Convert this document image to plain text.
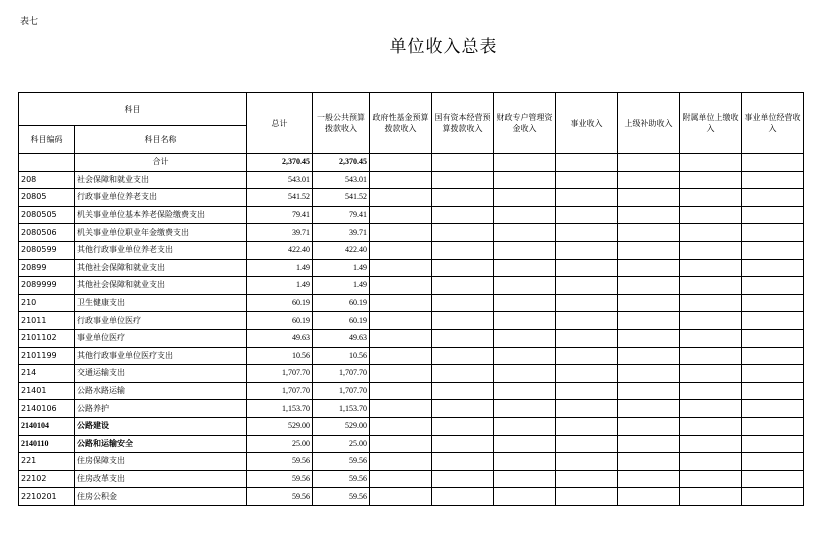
表七
单位收入总表
科目		总计	一般公共预算拨款收入	政府性基金预算拨款收入	国有资本经营预算拨款收入	财政专户管理资金收入	事业收入	上级补助收入	附属单位上缴收入	事业单位经营收入
科目编码	科目名称									
	合计	2,370.45	2,370.45							
208	社会保障和就业支出	543.01	543.01							
20805	行政事业单位养老支出	541.52	541.52							
2080505	机关事业单位基本养老保险缴费支出	79.41	79.41							
2080506	机关事业单位职业年金缴费支出	39.71	39.71							
2080599	其他行政事业单位养老支出	422.40	422.40							
20899	其他社会保障和就业支出	1.49	1.49							
2089999	其他社会保障和就业支出	1.49	1.49							
210	卫生健康支出	60.19	60.19							
21011	行政事业单位医疗	60.19	60.19							
2101102	事业单位医疗	49.63	49.63							
2101199	其他行政事业单位医疗支出	10.56	10.56							
214	交通运输支出	1,707.70	1,707.70							
21401	公路水路运输	1,707.70	1,707.70							
2140106	公路养护	1,153.70	1,153.70							
2140104	公路建设	529.00	529.00							
2140110	公路和运输安全	25.00	25.00							
221	住房保障支出	59.56	59.56							
22102	住房改革支出	59.56	59.56							
2210201	住房公积金	59.56	59.56							
